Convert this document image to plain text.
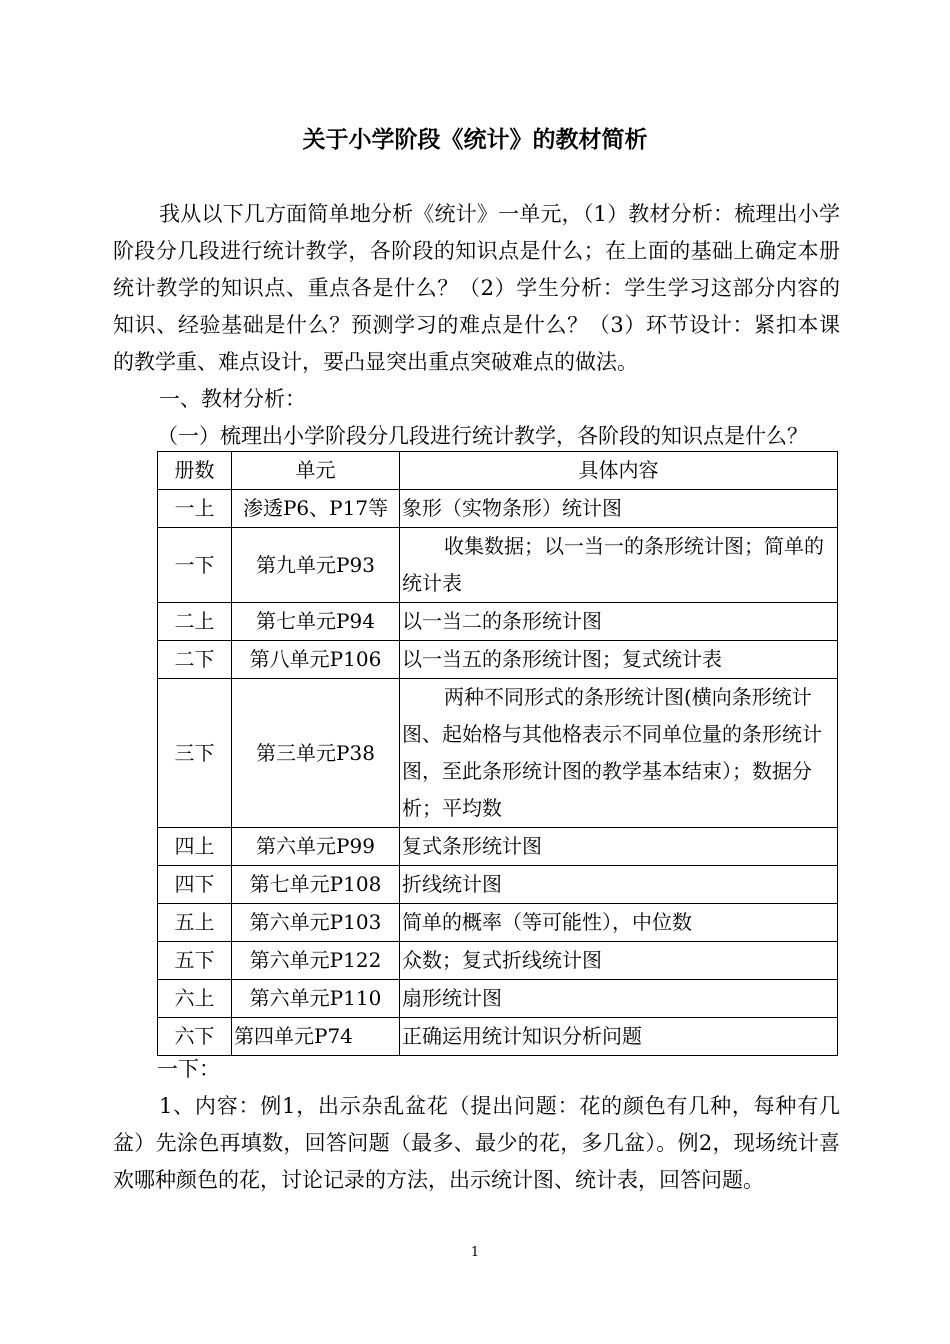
关于小学阶段《统计》的教材简析

我从以下几方面简单地分析《统计》一单元，（1）教材分析：梳理出小学阶段分几段进行统计教学，各阶段的知识点是什么；在上面的基础上确定本册统计教学的知识点、重点各是什么？（2）学生分析：学生学习这部分内容的知识、经验基础是什么？预测学习的难点是什么？（3）环节设计：紧扣本课的教学重、难点设计，要凸显突出重点突破难点的做法。

一、教材分析：

（一）梳理出小学阶段分几段进行统计教学，各阶段的知识点是什么？

册数	单元	具体内容
一上	渗透P6、P17等	象形（实物条形）统计图
一下	第九单元P93	收集数据；以一当一的条形统计图；简单的统计表
二上	第七单元P94	以一当二的条形统计图
二下	第八单元P106	以一当五的条形统计图；复式统计表
三下	第三单元P38	两种不同形式的条形统计图(横向条形统计图、起始格与其他格表示不同单位量的条形统计图，至此条形统计图的教学基本结束）；数据分析；平均数
四上	第六单元P99	复式条形统计图
四下	第七单元P108	折线统计图
五上	第六单元P103	简单的概率（等可能性），中位数
五下	第六单元P122	众数；复式折线统计图
六上	第六单元P110	扇形统计图
六下	第四单元P74	正确运用统计知识分析问题

一下：

1、内容：例1，出示杂乱盆花（提出问题：花的颜色有几种，每种有几盆）先涂色再填数，回答问题（最多、最少的花，多几盆）。例2，现场统计喜欢哪种颜色的花，讨论记录的方法，出示统计图、统计表，回答问题。

1
